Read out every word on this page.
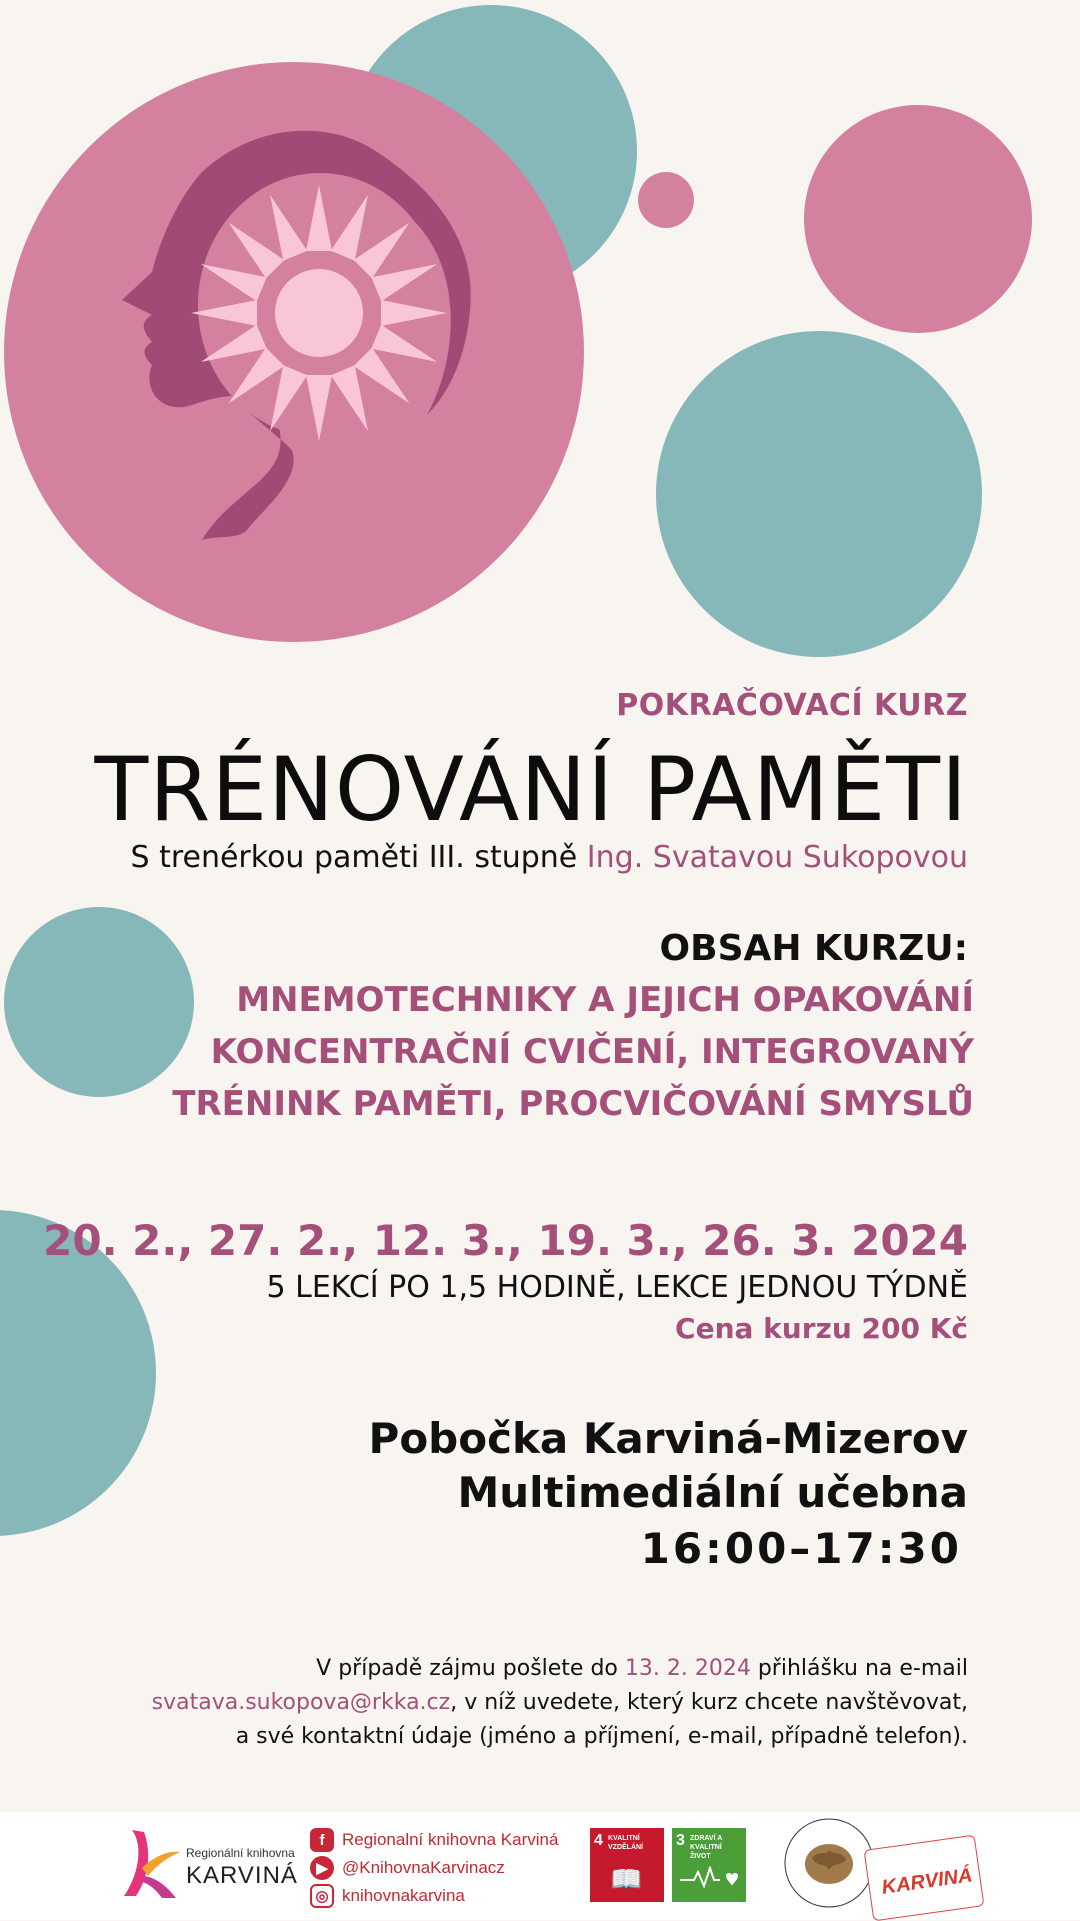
POKRAČOVACÍ KURZ
TRÉNOVÁNÍ PAMĚTI
S trenérkou paměti III. stupně Ing. Svatavou Sukopovou
OBSAH KURZU:
MNEMOTECHNIKY A JEJICH OPAKOVÁNÍ
KONCENTRAČNÍ CVIČENÍ, INTEGROVANÝ
TRÉNINK PAMĚTI, PROCVIČOVÁNÍ SMYSLŮ
20. 2., 27. 2., 12. 3., 19. 3., 26. 3. 2024
5 LEKCÍ PO 1,5 HODINĚ, LEKCE JEDNOU TÝDNĚ
Cena kurzu 200 Kč
Pobočka Karviná-Mizerov
Multimediální učebna
16:00–17:30
V případě zájmu pošlete do 13. 2. 2024 přihlášku na e-mail
svatava.sukopova@rkka.cz, v níž uvedete, který kurz chcete navštěvovat,
a své kontaktní údaje (jméno a příjmení, e-mail, případně telefon).
Regionální knihovna
KARVINÁ
f	Regionalní knihovna Karviná
▶ @KnihovnaKarvinacz
◎ knihovnakarvina
4 KVALITNÍ VZDĚLÁNÍ
📖
3 ZDRAVÍ A KVALITNÍ ŽIVOT
KARVINÁ
